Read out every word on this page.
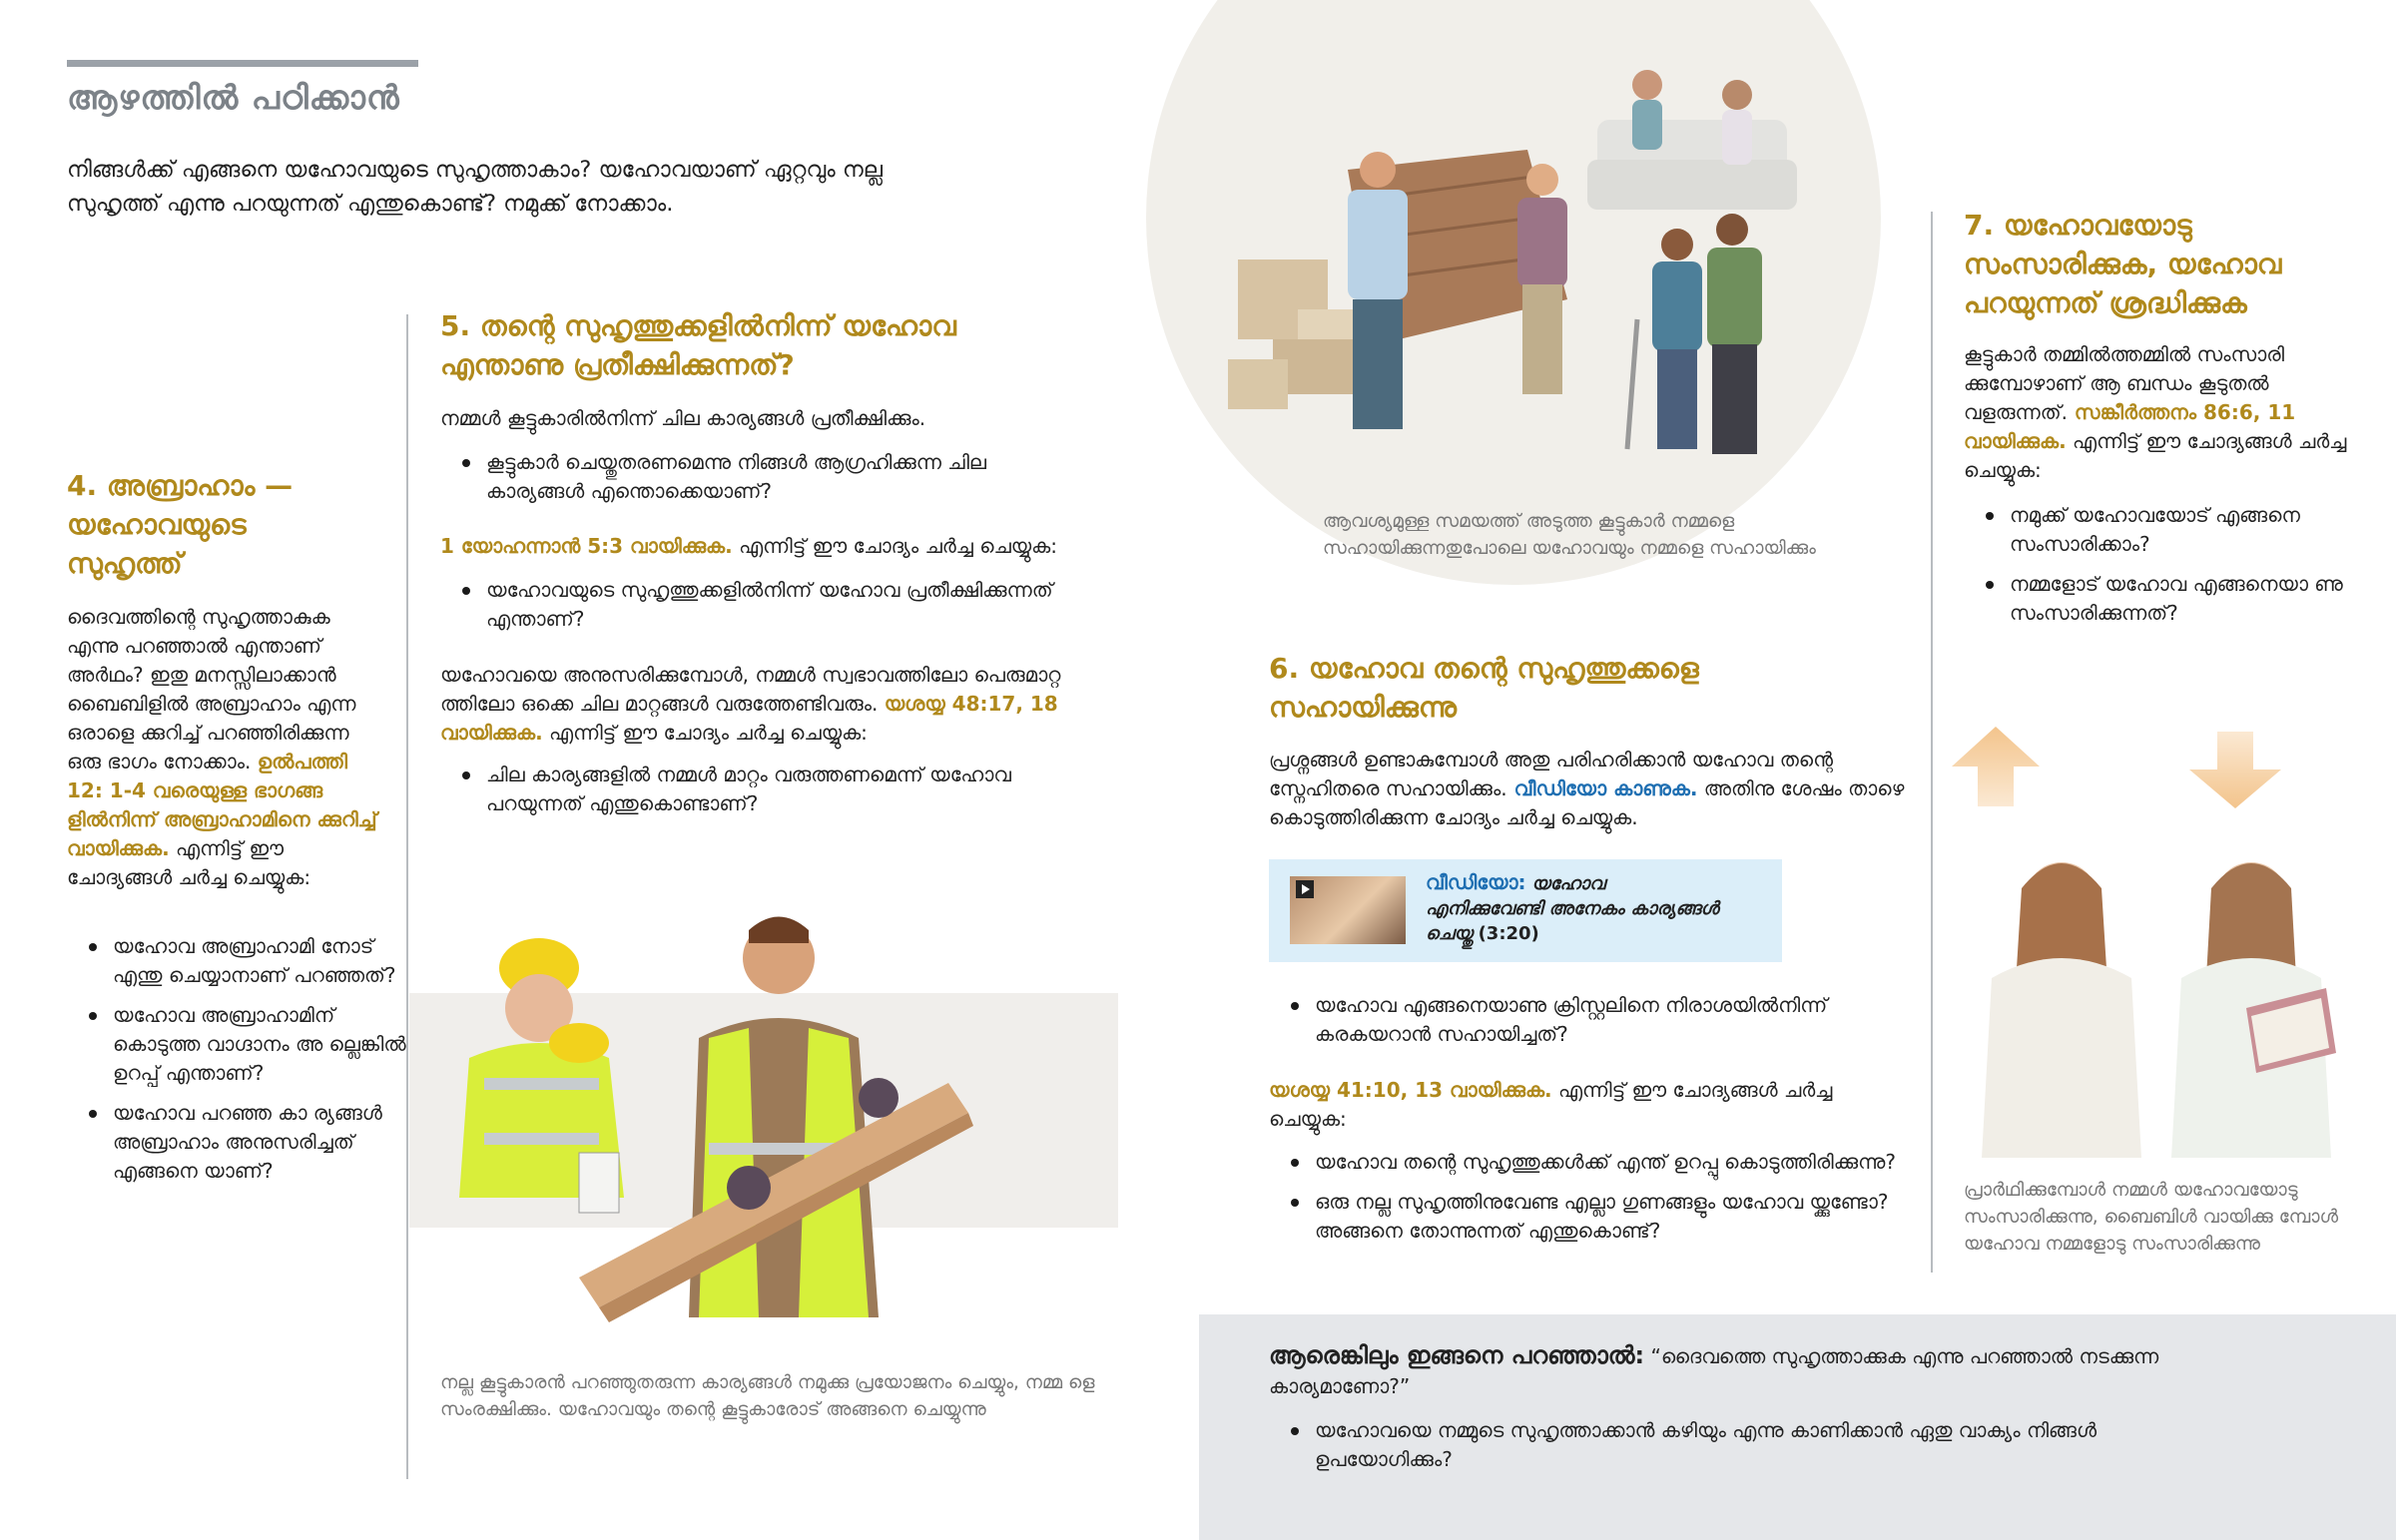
ആഴത്തിൽ പഠിക്കാൻ
നിങ്ങൾക്ക് എങ്ങനെ യഹോവയുടെ സുഹൃത്താകാം? യഹോവയാണ് ഏറ്റവും നല്ല സുഹൃത്ത് എന്നു പറയുന്നത് എന്തുകൊണ്ട്? നമുക്ക് നോക്കാം.
4. അബ്രാഹാം —യഹോവയുടെ സുഹൃത്ത്
ദൈവത്തിന്റെ സുഹൃത്താകുക എന്നു പറഞ്ഞാൽ എന്താണ് അർഥം? ഇതു മനസ്സിലാക്കാൻ ബൈബിളിൽ അബ്രാഹാം എന്ന ഒരാളെ ക്കുറിച്ച് പറഞ്ഞിരിക്കുന്ന ഒരു ഭാഗം നോക്കാം. ഉൽപത്തി 12: 1-4 വരെയുള്ള ഭാഗങ്ങ ളിൽനിന്ന് അബ്രാഹാമിനെ ക്കുറിച്ച് വായിക്കുക. എന്നിട്ട് ഈ ചോദ്യങ്ങൾ ചർച്ച ചെയ്യുക:
യഹോവ അബ്രാഹാമി നോട് എന്തു ചെയ്യാനാണ് പറഞ്ഞത്?
യഹോവ അബ്രാഹാമിന് കൊടുത്ത വാഗ്ദാനം അ ല്ലെങ്കിൽ ഉറപ്പ് എന്താണ്?
യഹോവ പറഞ്ഞ കാ ര്യങ്ങൾ അബ്രാഹാം അനുസരിച്ചത് എങ്ങനെ യാണ്?
5. തന്റെ സുഹൃത്തുക്കളിൽനിന്ന് യഹോവ എന്താണു പ്രതീക്ഷിക്കുന്നത്?
നമ്മൾ കൂട്ടുകാരിൽനിന്ന് ചില കാര്യങ്ങൾ പ്രതീക്ഷിക്കും.
കൂട്ടുകാർ ചെയ്തുതരണമെന്നു നിങ്ങൾ ആഗ്രഹിക്കുന്ന ചില കാര്യങ്ങൾ എന്തൊക്കെയാണ്?
1 യോഹന്നാൻ 5:3 വായിക്കുക. എന്നിട്ട് ഈ ചോദ്യം ചർച്ച ചെയ്യുക:
യഹോവയുടെ സുഹൃത്തുക്കളിൽനിന്ന് യഹോവ പ്രതീക്ഷിക്കുന്നത് എന്താണ്?
യഹോവയെ അനുസരിക്കുമ്പോൾ, നമ്മൾ സ്വഭാവത്തിലോ പെരുമാറ്റ ത്തിലോ ഒക്കെ ചില മാറ്റങ്ങൾ വരുത്തേണ്ടിവരും. യശയ്യ 48:17, 18 വായിക്കുക. എന്നിട്ട് ഈ ചോദ്യം ചർച്ച ചെയ്യുക:
ചില കാര്യങ്ങളിൽ നമ്മൾ മാറ്റം വരുത്തണമെന്ന് യഹോവ പറയുന്നത് എന്തുകൊണ്ടാണ്?
നല്ല കൂട്ടുകാരൻ പറഞ്ഞുതരുന്ന കാര്യങ്ങൾ നമുക്കു പ്രയോജനം ചെയ്യും, നമ്മ ളെ സംരക്ഷിക്കും. യഹോവയും തന്റെ കൂട്ടുകാരോട് അങ്ങനെ ചെയ്യുന്നു
ആവശ്യമുള്ള സമയത്ത് അടുത്ത കൂട്ടുകാർ നമ്മളെ സഹായിക്കുന്നതുപോലെ യഹോവയും നമ്മളെ സഹായിക്കും
6. യഹോവ തന്റെ സുഹൃത്തുക്കളെ സഹായിക്കുന്നു
പ്രശ്നങ്ങൾ ഉണ്ടാകുമ്പോൾ അതു പരിഹരിക്കാൻ യഹോവ തന്റെ സ്നേഹിതരെ സഹായിക്കും. വീഡിയോ കാണുക. അതിനു ശേഷം താഴെ കൊടുത്തിരിക്കുന്ന ചോദ്യം ചർച്ച ചെയ്യുക.
വീഡിയോ: യഹോവ എനിക്കുവേണ്ടി അനേകം കാര്യങ്ങൾ ചെയ്തു (3:20)
യഹോവ എങ്ങനെയാണു ക്രിസ്റ്റലിനെ നിരാശയിൽനിന്ന് കരകയറാൻ സഹായിച്ചത്?
യശയ്യ 41:10, 13 വായിക്കുക. എന്നിട്ട് ഈ ചോദ്യങ്ങൾ ചർച്ച ചെയ്യുക:
യഹോവ തന്റെ സുഹൃത്തുക്കൾക്ക് എന്ത് ഉറപ്പു കൊടുത്തിരിക്കുന്നു?
ഒരു നല്ല സുഹൃത്തിനുവേണ്ട എല്ലാ ഗുണങ്ങളും യഹോവ യ്ക്കുണ്ടോ? അങ്ങനെ തോന്നുന്നത് എന്തുകൊണ്ട്?
7. യഹോവയോടു സംസാരിക്കുക, യഹോവ പറയുന്നത് ശ്രദ്ധിക്കുക
കൂട്ടുകാർ തമ്മിൽത്തമ്മിൽ സംസാരി ക്കുമ്പോഴാണ് ആ ബന്ധം കൂടുതൽ വളരുന്നത്. സങ്കീർത്തനം 86:6, 11 വായിക്കുക. എന്നിട്ട് ഈ ചോദ്യങ്ങൾ ചർച്ച ചെയ്യുക:
നമുക്ക് യഹോവയോട് എങ്ങനെ സംസാരിക്കാം?
നമ്മളോട് യഹോവ എങ്ങനെയാ ണു സംസാരിക്കുന്നത്?
പ്രാർഥിക്കുമ്പോൾ നമ്മൾ യഹോവയോടു സംസാരിക്കുന്നു, ബൈബിൾ വായിക്കു മ്പോൾ യഹോവ നമ്മളോടു സംസാരിക്കുന്നു
ആരെങ്കിലും ഇങ്ങനെ പറഞ്ഞാൽ: “ദൈവത്തെ സുഹൃത്താക്കുക എന്നു പറഞ്ഞാൽ നടക്കുന്ന കാര്യമാണോ?”
യഹോവയെ നമ്മുടെ സുഹൃത്താക്കാൻ കഴിയും എന്നു കാണിക്കാൻ ഏതു വാക്യം നിങ്ങൾ ഉപയോഗിക്കും?
